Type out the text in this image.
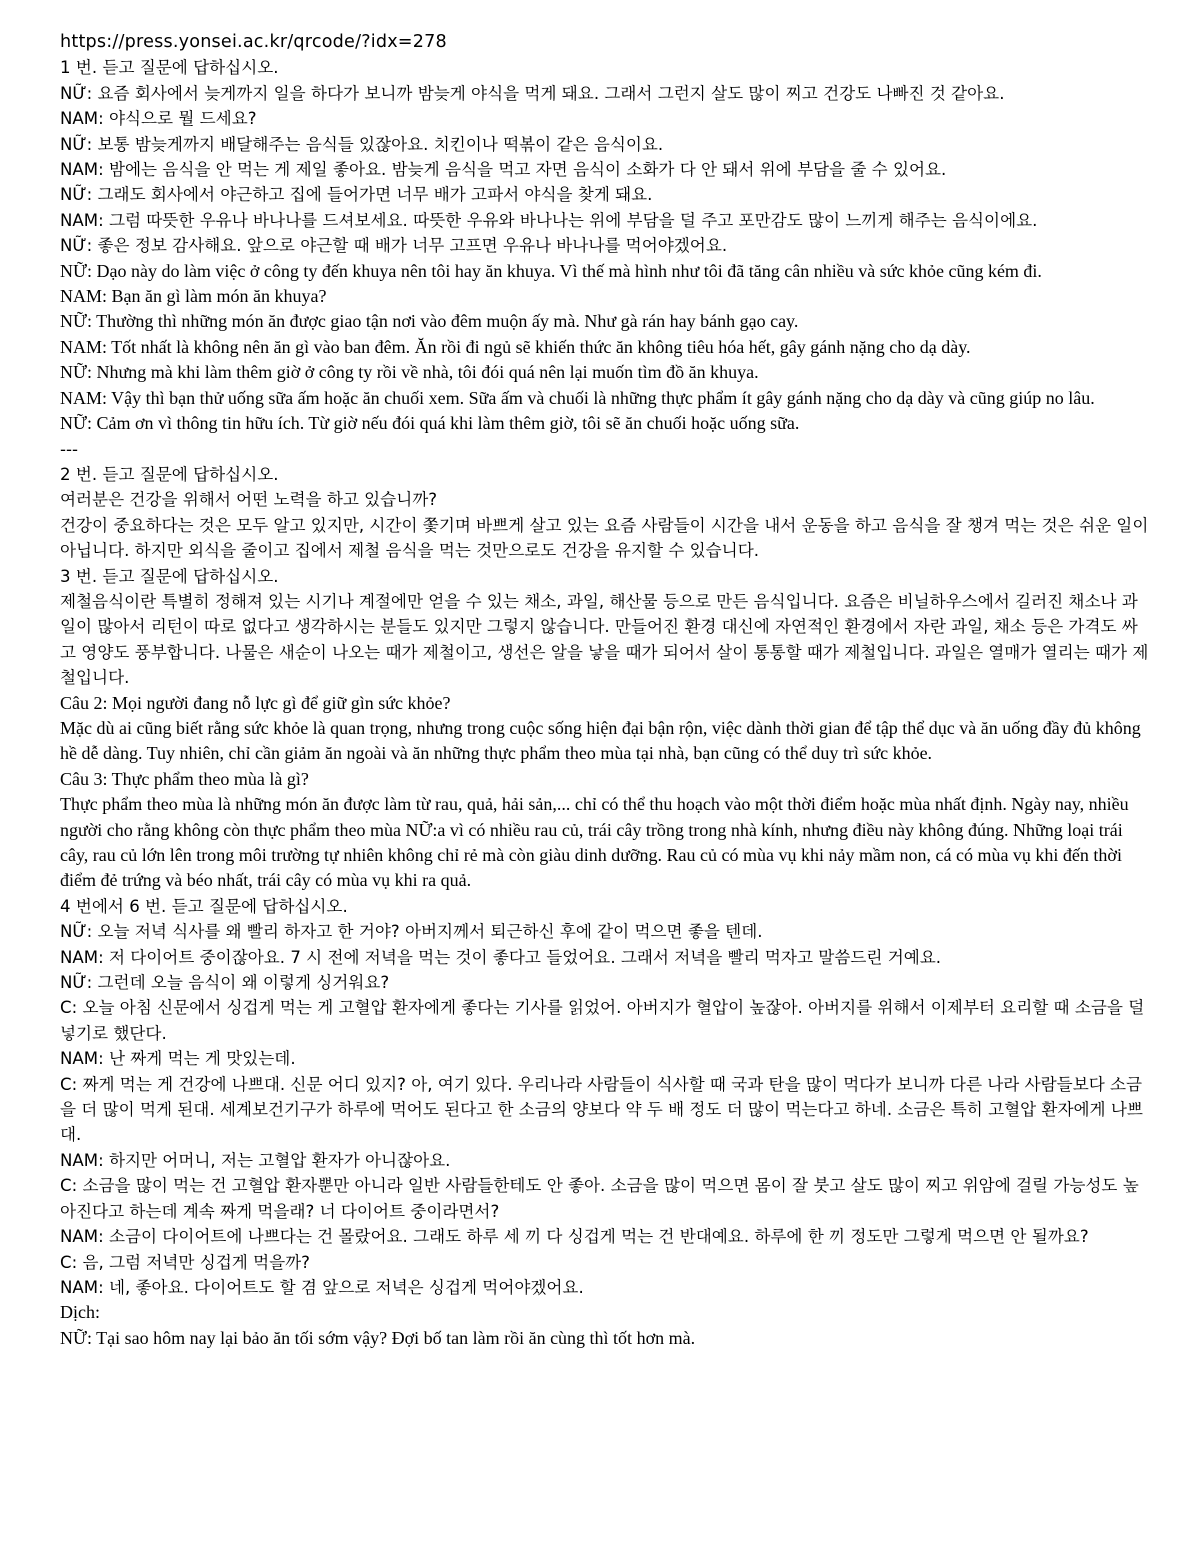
https://press.yonsei.ac.kr/qrcode/?idx=278

1 번. 듣고 질문에 답하십시오.

NỮ: 요즘 회사에서 늦게까지 일을 하다가 보니까 밤늦게 야식을 먹게 돼요. 그래서 그런지 살도 많이 찌고 건강도 나빠진 것 같아요.

NAM: 야식으로 뭘 드세요?

NỮ: 보통 밤늦게까지 배달해주는 음식들 있잖아요. 치킨이나 떡볶이 같은 음식이요.

NAM: 밤에는 음식을 안 먹는 게 제일 좋아요. 밤늦게 음식을 먹고 자면 음식이 소화가 다 안 돼서 위에 부담을 줄 수 있어요.

NỮ: 그래도 회사에서 야근하고 집에 들어가면 너무 배가 고파서 야식을 찾게 돼요.

NAM: 그럼 따뜻한 우유나 바나나를 드셔보세요. 따뜻한 우유와 바나나는 위에 부담을 덜 주고 포만감도 많이 느끼게 해주는 음식이에요.

NỮ: 좋은 정보 감사해요. 앞으로 야근할 때 배가 너무 고프면 우유나 바나나를 먹어야겠어요.

NỮ: Dạo này do làm việc ở công ty đến khuya nên tôi hay ăn khuya. Vì thế mà hình như tôi đã tăng cân nhiều và sức khỏe cũng kém đi.

NAM: Bạn ăn gì làm món ăn khuya?

NỮ: Thường thì những món ăn được giao tận nơi vào đêm muộn ấy mà. Như gà rán hay bánh gạo cay.

NAM: Tốt nhất là không nên ăn gì vào ban đêm. Ăn rồi đi ngủ sẽ khiến thức ăn không tiêu hóa hết, gây gánh nặng cho dạ dày.

NỮ: Nhưng mà khi làm thêm giờ ở công ty rồi về nhà, tôi đói quá nên lại muốn tìm đồ ăn khuya.

NAM: Vậy thì bạn thử uống sữa ấm hoặc ăn chuối xem. Sữa ấm và chuối là những thực phẩm ít gây gánh nặng cho dạ dày và cũng giúp no lâu.

NỮ: Cảm ơn vì thông tin hữu ích. Từ giờ nếu đói quá khi làm thêm giờ, tôi sẽ ăn chuối hoặc uống sữa.

---

2 번. 듣고 질문에 답하십시오.

여러분은 건강을 위해서 어떤 노력을 하고 있습니까?

건강이 중요하다는 것은 모두 알고 있지만, 시간이 쫓기며 바쁘게 살고 있는 요즘 사람들이 시간을 내서 운동을 하고 음식을 잘 챙겨 먹는 것은 쉬운 일이 아닙니다. 하지만 외식을 줄이고 집에서 제철 음식을 먹는 것만으로도 건강을 유지할 수 있습니다.

3 번. 듣고 질문에 답하십시오.

제철음식이란 특별히 정해져 있는 시기나 계절에만 얻을 수 있는 채소, 과일, 해산물 등으로 만든 음식입니다. 요즘은 비닐하우스에서 길러진 채소나 과일이 많아서 리턴이 따로 없다고 생각하시는 분들도 있지만 그렇지 않습니다. 만들어진 환경 대신에 자연적인 환경에서 자란 과일, 채소 등은 가격도 싸고 영양도 풍부합니다. 나물은 새순이 나오는 때가 제철이고, 생선은 알을 낳을 때가 되어서 살이 통통할 때가 제철입니다. 과일은 열매가 열리는 때가 제철입니다.

Câu 2: Mọi người đang nỗ lực gì để giữ gìn sức khỏe?

Mặc dù ai cũng biết rằng sức khỏe là quan trọng, nhưng trong cuộc sống hiện đại bận rộn, việc dành thời gian để tập thể dục và ăn uống đầy đủ không hề dễ dàng. Tuy nhiên, chỉ cần giảm ăn ngoài và ăn những thực phẩm theo mùa tại nhà, bạn cũng có thể duy trì sức khỏe.

Câu 3: Thực phẩm theo mùa là gì?

Thực phẩm theo mùa là những món ăn được làm từ rau, quả, hải sản,... chỉ có thể thu hoạch vào một thời điểm hoặc mùa nhất định. Ngày nay, nhiều người cho rằng không còn thực phẩm theo mùa NỮ:a vì có nhiều rau củ, trái cây trồng trong nhà kính, nhưng điều này không đúng. Những loại trái cây, rau củ lớn lên trong môi trường tự nhiên không chỉ rẻ mà còn giàu dinh dưỡng. Rau củ có mùa vụ khi nảy mầm non, cá có mùa vụ khi đến thời điểm đẻ trứng và béo nhất, trái cây có mùa vụ khi ra quả.

4 번에서 6 번. 듣고 질문에 답하십시오.

NỮ: 오늘 저녁 식사를 왜 빨리 하자고 한 거야? 아버지께서 퇴근하신 후에 같이 먹으면 좋을 텐데.

NAM: 저 다이어트 중이잖아요. 7 시 전에 저녁을 먹는 것이 좋다고 들었어요. 그래서 저녁을 빨리 먹자고 말씀드린 거예요.

NỮ: 그런데 오늘 음식이 왜 이렇게 싱거워요?

C: 오늘 아침 신문에서 싱겁게 먹는 게 고혈압 환자에게 좋다는 기사를 읽었어. 아버지가 혈압이 높잖아. 아버지를 위해서 이제부터 요리할 때 소금을 덜 넣기로 했단다.

NAM: 난 짜게 먹는 게 맛있는데.

C: 짜게 먹는 게 건강에 나쁘대. 신문 어디 있지? 아, 여기 있다. 우리나라 사람들이 식사할 때 국과 탄을 많이 먹다가 보니까 다른 나라 사람들보다 소금을 더 많이 먹게 된대. 세계보건기구가 하루에 먹어도 된다고 한 소금의 양보다 약 두 배 정도 더 많이 먹는다고 하네. 소금은 특히 고혈압 환자에게 나쁘대.

NAM: 하지만 어머니, 저는 고혈압 환자가 아니잖아요.

C: 소금을 많이 먹는 건 고혈압 환자뿐만 아니라 일반 사람들한테도 안 좋아. 소금을 많이 먹으면 몸이 잘 붓고 살도 많이 찌고 위암에 걸릴 가능성도 높아진다고 하는데 계속 짜게 먹을래? 너 다이어트 중이라면서?

NAM: 소금이 다이어트에 나쁘다는 건 몰랐어요. 그래도 하루 세 끼 다 싱겁게 먹는 건 반대예요. 하루에 한 끼 정도만 그렇게 먹으면 안 될까요?

C: 음, 그럼 저녁만 싱겁게 먹을까?

NAM: 네, 좋아요. 다이어트도 할 겸 앞으로 저녁은 싱겁게 먹어야겠어요.

Dịch:

NỮ: Tại sao hôm nay lại bảo ăn tối sớm vậy? Đợi bố tan làm rồi ăn cùng thì tốt hơn mà.
